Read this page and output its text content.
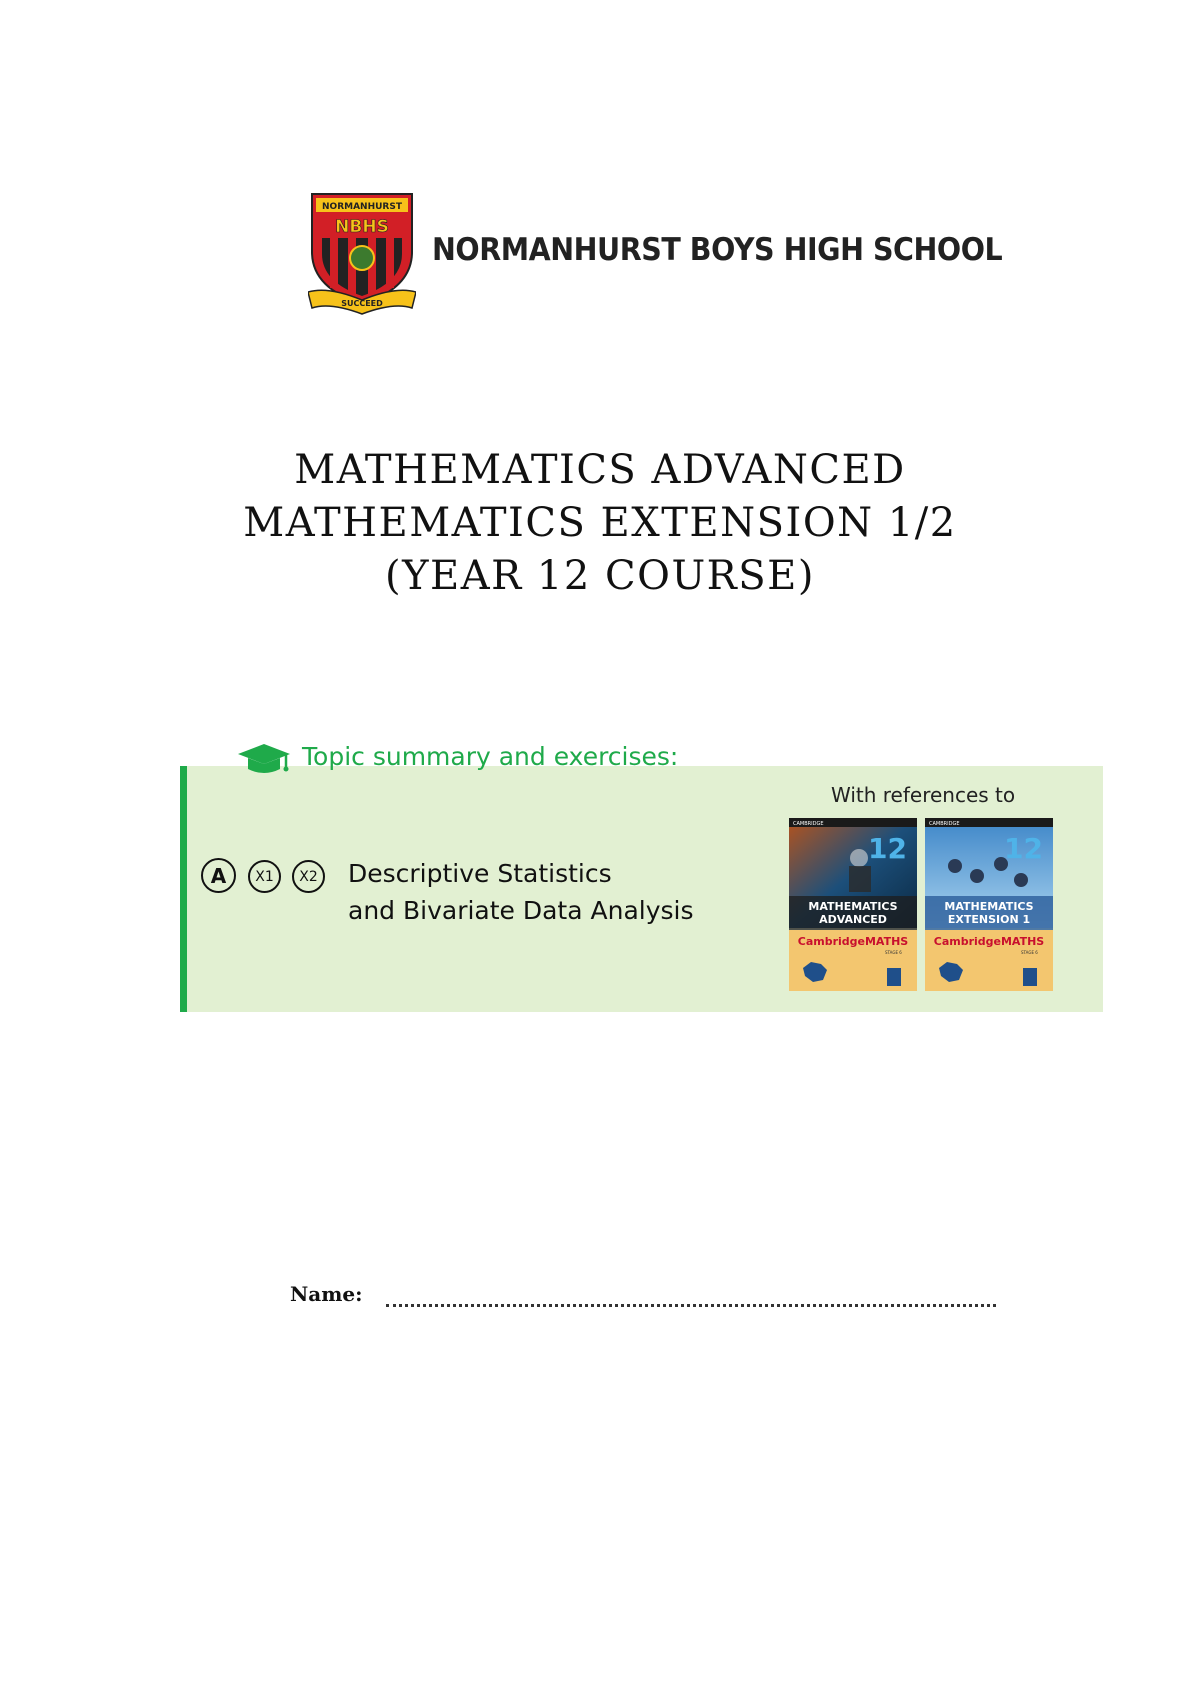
NORMANHURST
NBHS
SUCCEED
NORMANHURST BOYS HIGH SCHOOL
MATHEMATICS ADVANCED
MATHEMATICS EXTENSION 1/2
(YEAR 12 COURSE)
Topic summary and exercises:
With references to
A	X1	X2 Descriptive Statistics
and Bivariate Data Analysis
CAMBRIDGE
12
MATHEMATICS
ADVANCED
CambridgeMATHS
STAGE 6
CAMBRIDGE
12
MATHEMATICS
EXTENSION 1
CambridgeMATHS
STAGE 6
Name:
